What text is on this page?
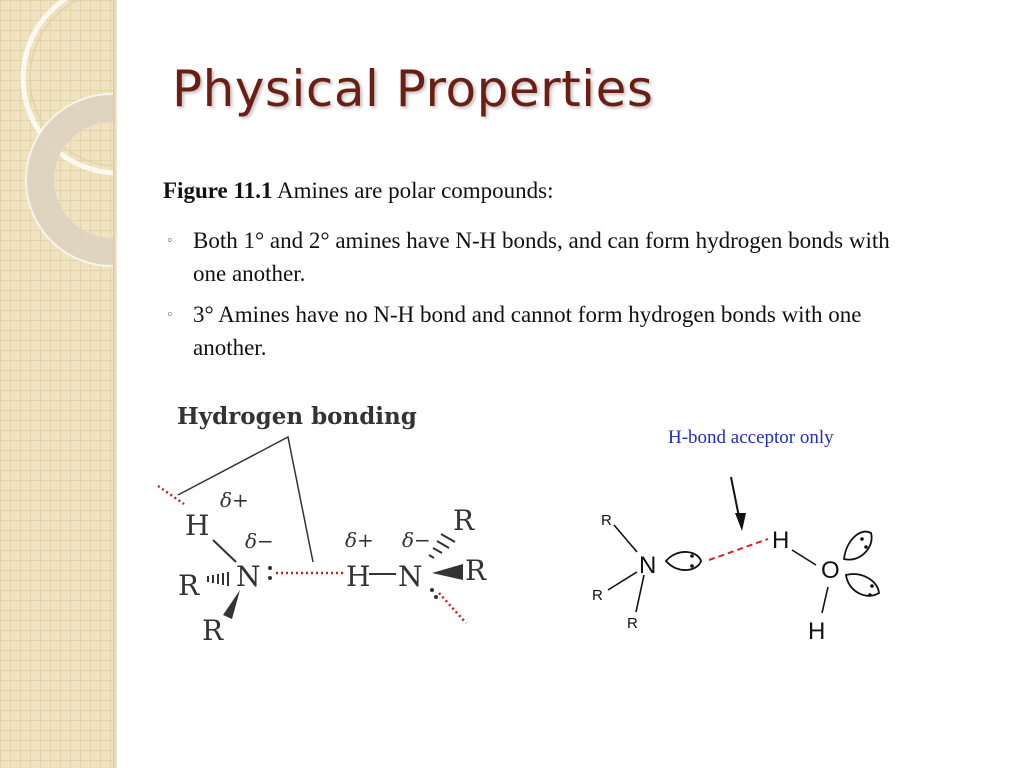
Physical Properties
Figure 11.1 Amines are polar compounds:
◦ Both 1° and 2° amines have N-H bonds, and can form hydrogen bonds with one another.
◦ 3° Amines have no N-H bond and cannot form hydrogen bonds with one another.
Hydrogen bonding
H
δ+
δ−
N
R
R
δ+ δ−
H N
R
R
H-bond acceptor only
R
R
R
N
H
O
H
